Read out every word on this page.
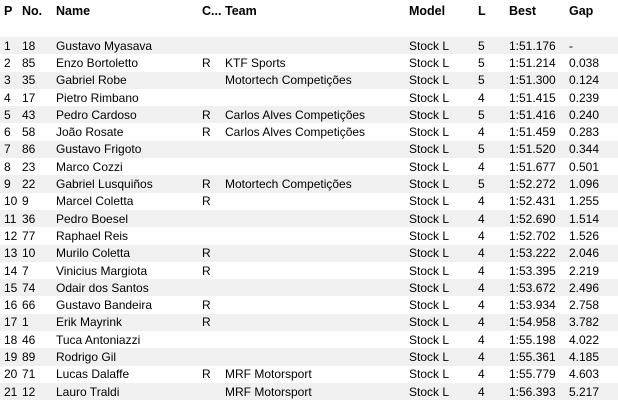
P	No.	Name	C...	Team	Model	L	Best	Gap

1	18	Gustavo Myasava			Stock L	5	1:51.176	-
2	85	Enzo Bortoletto	R	KTF Sports	Stock L	5	1:51.214	0.038
3	35	Gabriel Robe		Motortech Competições	Stock L	5	1:51.300	0.124
4	17	Pietro Rimbano			Stock L	4	1:51.415	0.239
5	43	Pedro Cardoso	R	Carlos Alves Competições	Stock L	5	1:51.416	0.240
6	58	João Rosate	R	Carlos Alves Competições	Stock L	4	1:51.459	0.283
7	86	Gustavo Frigoto			Stock L	5	1:51.520	0.344
8	23	Marco Cozzi			Stock L	4	1:51.677	0.501
9	22	Gabriel Lusquiños	R	Motortech Competições	Stock L	5	1:52.272	1.096
10	9	Marcel Coletta	R		Stock L	4	1:52.431	1.255
11	36	Pedro Boesel			Stock L	4	1:52.690	1.514
12	77	Raphael Reis			Stock L	4	1:52.702	1.526
13	10	Murilo Coletta	R		Stock L	4	1:53.222	2.046
14	7	Vinicius Margiota	R		Stock L	4	1:53.395	2.219
15	74	Odair dos Santos			Stock L	4	1:53.672	2.496
16	66	Gustavo Bandeira	R		Stock L	4	1:53.934	2.758
17	1	Erik Mayrink	R		Stock L	4	1:54.958	3.782
18	46	Tuca Antoniazzi			Stock L	4	1:55.198	4.022
19	89	Rodrigo Gil			Stock L	4	1:55.361	4.185
20	71	Lucas Dalaffe	R	MRF Motorsport	Stock L	4	1:55.779	4.603
21	12	Lauro Traldi		MRF Motorsport	Stock L	4	1:56.393	5.217
